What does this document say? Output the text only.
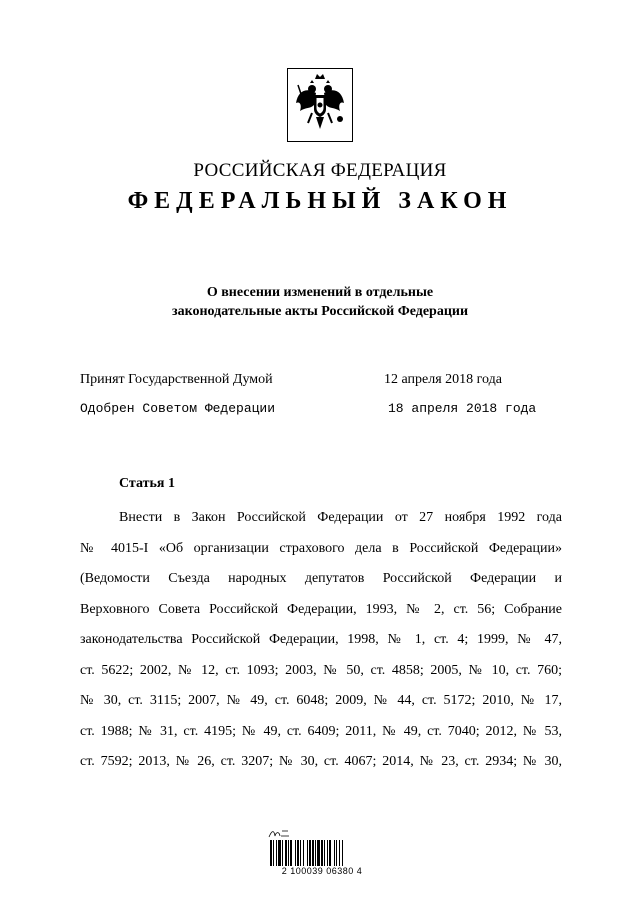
РОССИЙСКАЯ ФЕДЕРАЦИЯ
ФЕДЕРАЛЬНЫЙ ЗАКОН
О внесении изменений в отдельные
законодательные акты Российской Федерации
Принят Государственной Думой	12 апреля 2018 года
Одобрен Советом Федерации	18 апреля 2018 года
Статья 1
Внести в Закон Российской Федерации от 27 ноября 1992 года
№ 4015-I «Об организации страхового дела в Российской Федерации»
(Ведомости Съезда народных депутатов Российской Федерации и
Верховного Совета Российской Федерации, 1993, № 2, ст. 56; Собрание
законодательства Российской Федерации, 1998, № 1, ст. 4; 1999, № 47,
ст. 5622; 2002, № 12, ст. 1093; 2003, № 50, ст. 4858; 2005, № 10, ст. 760;
№ 30, ст. 3115; 2007, № 49, ст. 6048; 2009, № 44, ст. 5172; 2010, № 17,
ст. 1988; № 31, ст. 4195; № 49, ст. 6409; 2011, № 49, ст. 7040; 2012, № 53,
ст. 7592; 2013, № 26, ст. 3207; № 30, ст. 4067; 2014, № 23, ст. 2934; № 30,
2 100039 06380 4
